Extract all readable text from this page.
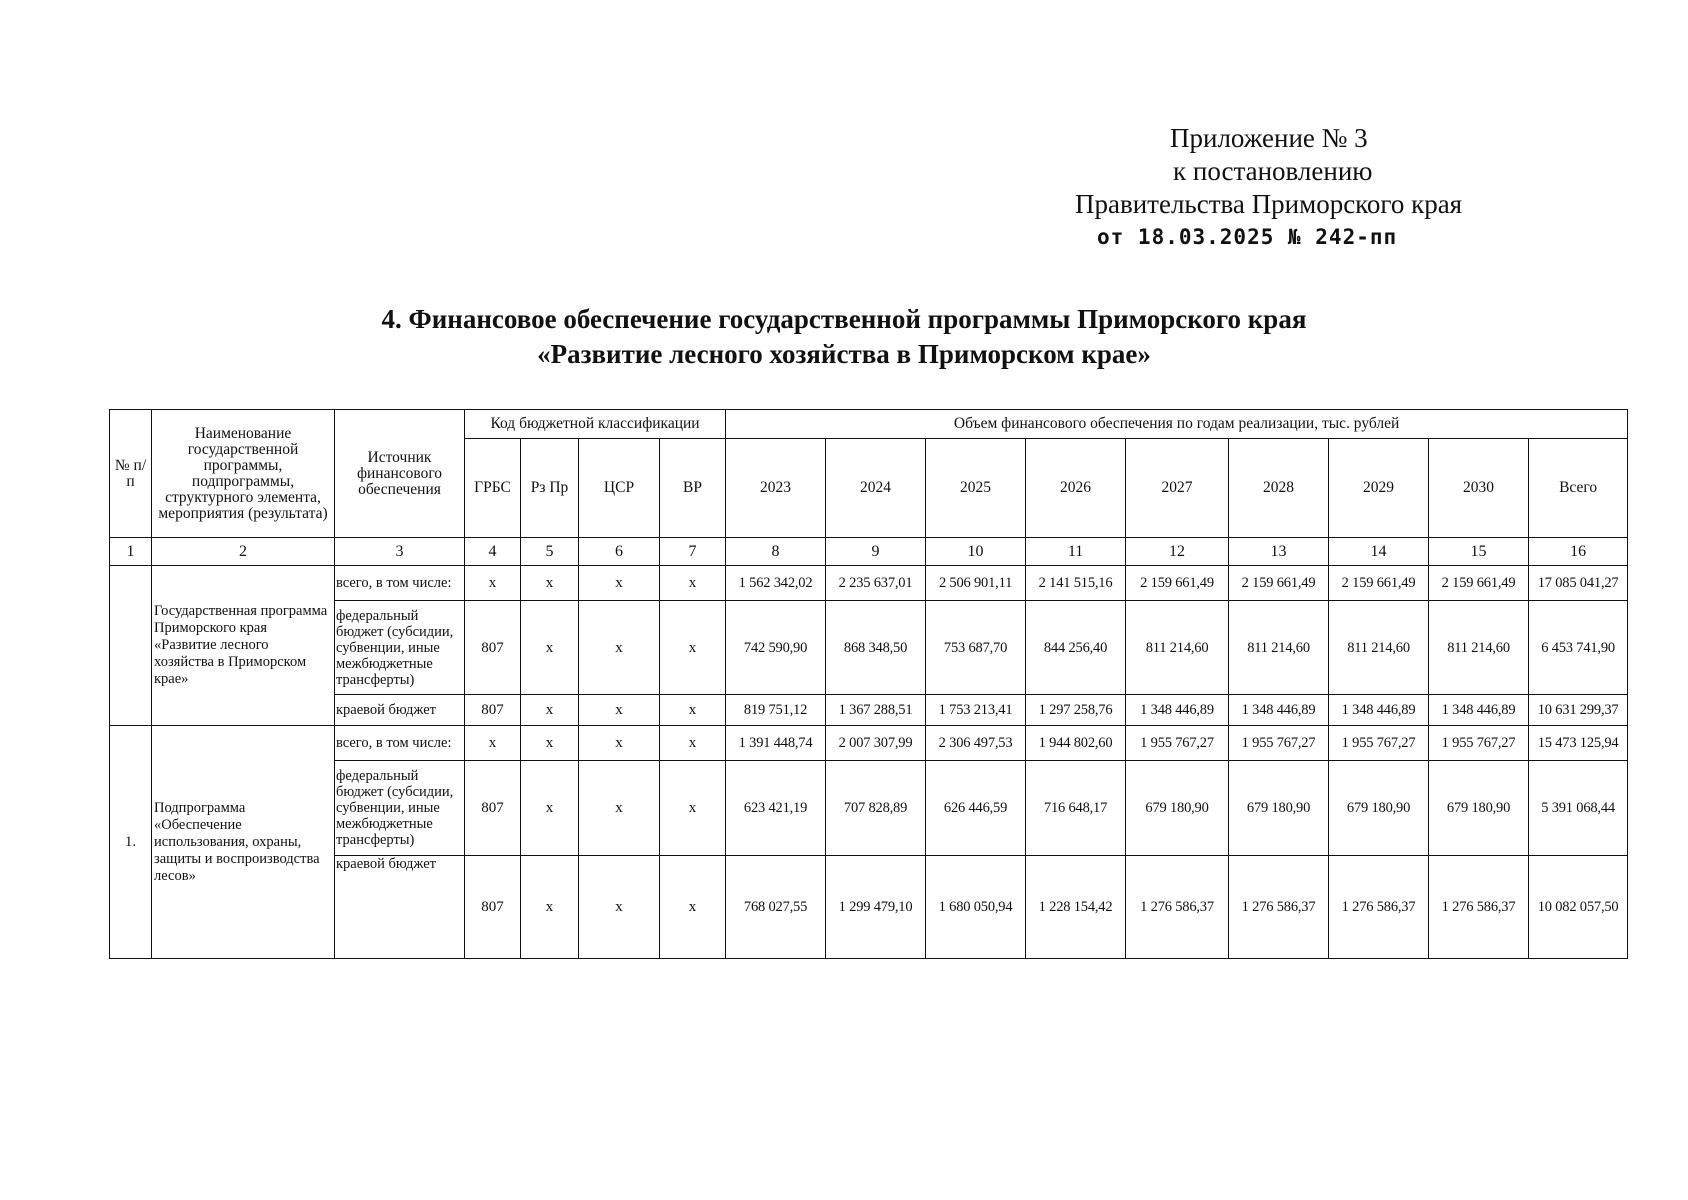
Приложение № 3
к постановлению
Правительства Приморского края
от 18.03.2025 № 242-пп
4. Финансовое обеспечение государственной программы Приморского края
«Развитие лесного хозяйства в Приморском крае»
№ п/п	Наименование государственной программы, подпрограммы, структурного элемента, мероприятия (результата)	Источник финансового обеспечения	Код бюджетной классификации				Объем финансового обеспечения по годам реализации, тыс. рублей								
			ГРБС	Рз Пр	ЦСР	ВР	2023	2024	2025	2026	2027	2028	2029	2030	Всего
1	2	3	4	5	6	7	8	9	10	11	12	13	14	15	16
	Государственная программа Приморского края «Развитие лесного хозяйства в Приморском крае»	всего, в том числе:	x	x	x	x	1 562 342,02	2 235 637,01	2 506 901,11	2 141 515,16	2 159 661,49	2 159 661,49	2 159 661,49	2 159 661,49	17 085 041,27
		федеральный бюджет (субсидии, субвенции, иные межбюджетные трансферты)	807	x	x	x	742 590,90	868 348,50	753 687,70	844 256,40	811 214,60	811 214,60	811 214,60	811 214,60	6 453 741,90
		краевой бюджет	807	x	x	x	819 751,12	1 367 288,51	1 753 213,41	1 297 258,76	1 348 446,89	1 348 446,89	1 348 446,89	1 348 446,89	10 631 299,37
1.	Подпрограмма «Обеспечение использования, охраны, защиты и воспроизводства лесов»	всего, в том числе:	x	x	x	x	1 391 448,74	2 007 307,99	2 306 497,53	1 944 802,60	1 955 767,27	1 955 767,27	1 955 767,27	1 955 767,27	15 473 125,94
		федеральный бюджет (субсидии, субвенции, иные межбюджетные трансферты)	807	x	x	x	623 421,19	707 828,89	626 446,59	716 648,17	679 180,90	679 180,90	679 180,90	679 180,90	5 391 068,44
		краевой бюджет	807	x	x	x	768 027,55	1 299 479,10	1 680 050,94	1 228 154,42	1 276 586,37	1 276 586,37	1 276 586,37	1 276 586,37	10 082 057,50
